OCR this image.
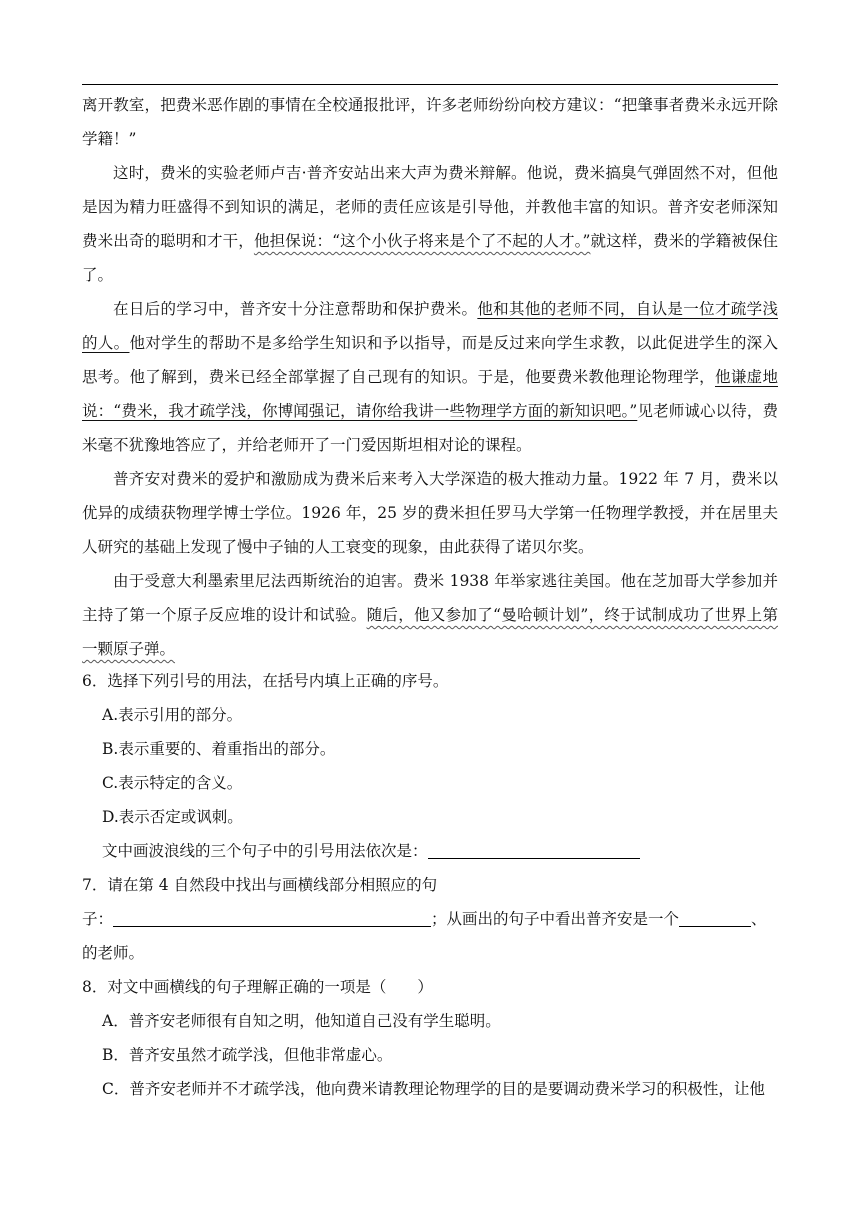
离开教室，把费米恶作剧的事情在全校通报批评，许多老师纷纷向校方建议：“把肇事者费米永远开除学籍！”

这时，费米的实验老师卢吉·普齐安站出来大声为费米辩解。他说，费米搞臭气弹固然不对，但他是因为精力旺盛得不到知识的满足，老师的责任应该是引导他，并教他丰富的知识。普齐安老师深知费米出奇的聪明和才干，他担保说：“这个小伙子将来是个了不起的人才。”就这样，费米的学籍被保住了。

在日后的学习中，普齐安十分注意帮助和保护费米。他和其他的老师不同，自认是一位才疏学浅的人。他对学生的帮助不是多给学生知识和予以指导，而是反过来向学生求教，以此促进学生的深入思考。他了解到，费米已经全部掌握了自己现有的知识。于是，他要费米教他理论物理学，他谦虚地说：“费米，我才疏学浅，你博闻强记，请你给我讲一些物理学方面的新知识吧。”见老师诚心以待，费米毫不犹豫地答应了，并给老师开了一门爱因斯坦相对论的课程。

普齐安对费米的爱护和激励成为费米后来考入大学深造的极大推动力量。1922 年 7 月，费米以优异的成绩获物理学博士学位。1926 年，25 岁的费米担任罗马大学第一任物理学教授，并在居里夫人研究的基础上发现了慢中子铀的人工衰变的现象，由此获得了诺贝尔奖。

由于受意大利墨索里尼法西斯统治的迫害。费米 1938 年举家逃往美国。他在芝加哥大学参加并主持了第一个原子反应堆的设计和试验。随后，他又参加了“曼哈顿计划”，终于试制成功了世界上第一颗原子弹。

6．选择下列引号的用法，在括号内填上正确的序号。
A.表示引用的部分。
B.表示重要的、着重指出的部分。
C.表示特定的含义。
D.表示否定或讽刺。
文中画波浪线的三个句子中的引号用法依次是：
7．请在第 4 自然段中找出与画横线部分相照应的句
子：	；从画出的句子中看出普齐安是一个	、
的老师。
8．对文中画横线的句子理解正确的一项是（　　）
A．普齐安老师很有自知之明，他知道自己没有学生聪明。
B．普齐安虽然才疏学浅，但他非常虚心。
C．普齐安老师并不才疏学浅，他向费米请教理论物理学的目的是要调动费米学习的积极性，让他
